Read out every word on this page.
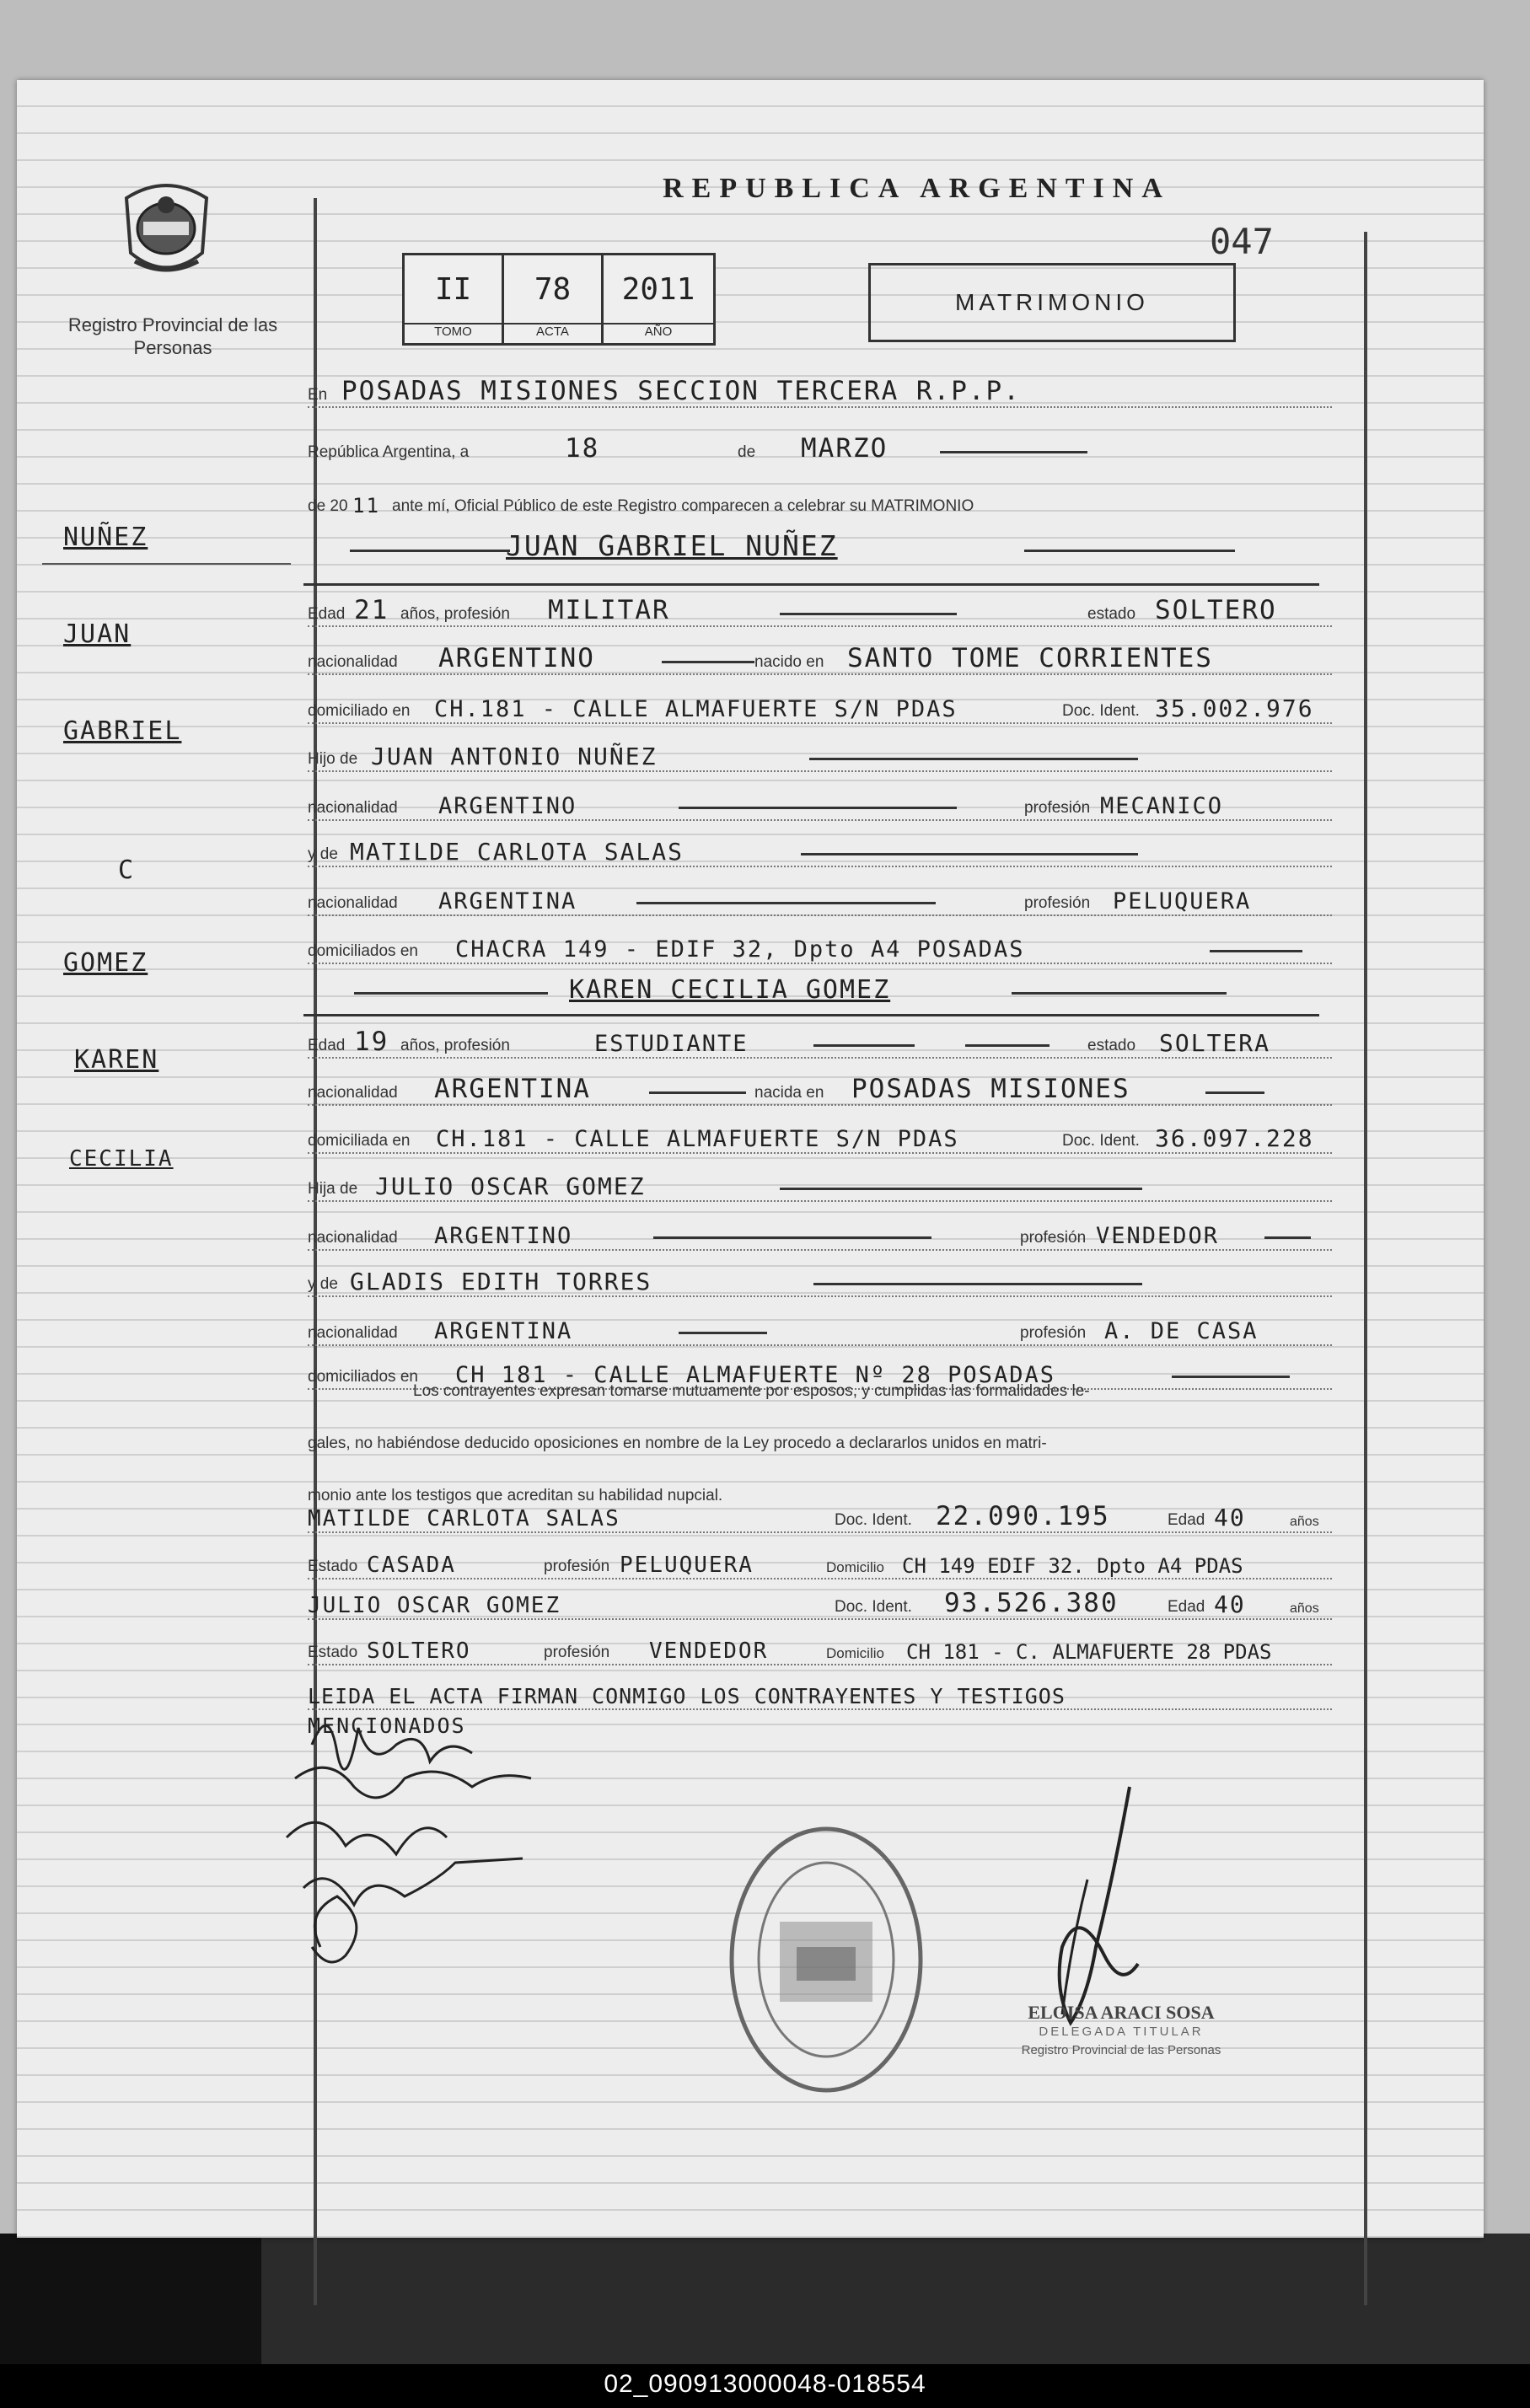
Registro Provincial de las Personas
REPUBLICA ARGENTINA
047
II
TOMO
78
ACTA
2011
AÑO
MATRIMONIO
En POSADAS MISIONES SECCION TERCERA R.P.P.
República Argentina, a	18	de MARZO
de 20 11 ante mí, Oficial Público de este Registro comparecen a celebrar su MATRIMONIO
JUAN GABRIEL NUÑEZ
Edad 21 años, profesión MILITAR	estado SOLTERO
nacionalidad ARGENTINO	nacido en SANTO TOME CORRIENTES
domiciliado en CH.181 - CALLE ALMAFUERTE S/N PDAS	Doc. Ident. 35.002.976
Hijo de JUAN ANTONIO NUÑEZ
nacionalidad ARGENTINO	profesión MECANICO
y de MATILDE CARLOTA SALAS
nacionalidad ARGENTINA	profesión PELUQUERA
domiciliados en CHACRA 149 - EDIF 32, Dpto A4 POSADAS
KAREN CECILIA GOMEZ
Edad 19 años, profesión	ESTUDIANTE	estado SOLTERA
nacionalidad ARGENTINA	nacida en POSADAS MISIONES
domiciliada en CH.181 - CALLE ALMAFUERTE S/N PDAS	Doc. Ident. 36.097.228
Hija de JULIO OSCAR GOMEZ
nacionalidad ARGENTINO	profesión VENDEDOR
y de GLADIS EDITH TORRES
nacionalidad ARGENTINA	profesión A. DE CASA
domiciliados en CH 181 - CALLE ALMAFUERTE Nº 28 POSADAS
NUÑEZ
JUAN
GABRIEL
C
GOMEZ
KAREN
CECILIA
Los contrayentes expresan tomarse mutuamente por esposos, y cumplidas las formalidades le-
gales, no habiéndose deducido oposiciones en nombre de la Ley procedo a declararlos unidos en matri-
monio ante los testigos que acreditan su habilidad nupcial.
MATILDE CARLOTA SALAS	Doc. Ident. 22.090.195	Edad 40	años
Estado CASADA	profesión PELUQUERA	Domicilio CH 149 EDIF 32. Dpto A4 PDAS
JULIO OSCAR GOMEZ	Doc. Ident. 93.526.380	Edad 40	años
Estado SOLTERO	profesión VENDEDOR	Domicilio CH 181 - C. ALMAFUERTE 28 PDAS
LEIDA EL ACTA FIRMAN CONMIGO LOS CONTRAYENTES Y TESTIGOS
MENCIONADOS
ELOISA ARACI SOSA
DELEGADA TITULAR
Registro Provincial de las Personas
02_090913000048-018554
